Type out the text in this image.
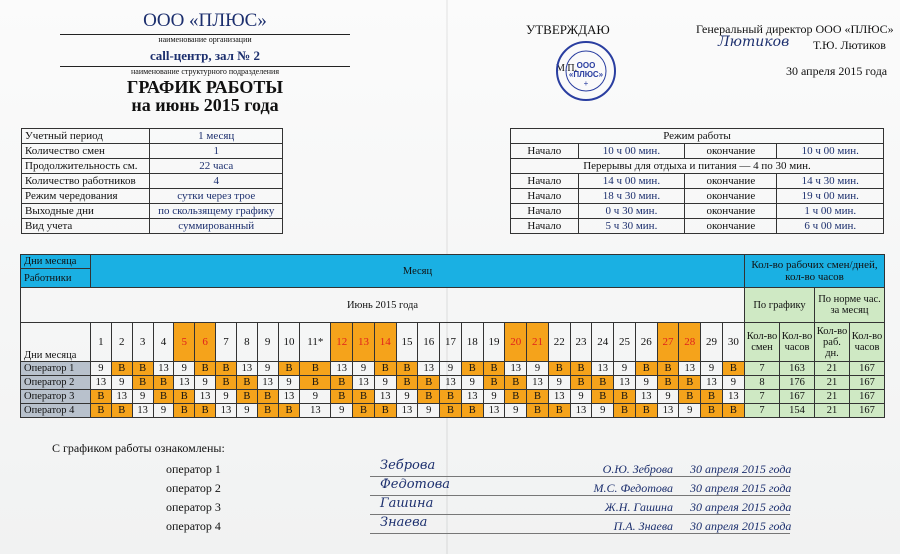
ООО «ПЛЮС»
наименование организации
call-центр, зал № 2
наименование структурного подразделения
ГРАФИК РАБОТЫ
на июнь 2015 года
УТВЕРЖДАЮ	Генеральный директор ООО «ПЛЮС»
Лютиков Т.Ю. Лютиков
М.П.	30 апреля 2015 года
ООО
«ПЛЮС»
+
Учетный период	1 месяц
Количество смен	1
Продолжительность см.	22 часа
Количество работников	4
Режим чередования	сутки через трое
Выходные дни	по скользящему графику
Вид учета	суммированный
Режим работы			
Начало	10 ч 00 мин.	окончание	10 ч 00 мин.
Перерывы для отдыха и питания — 4 по 30 мин.			
Начало	14 ч 00 мин.	окончание	14 ч 30 мин.
Начало	18 ч 30 мин.	окончание	19 ч 00 мин.
Начало	0 ч 30 мин.	окончание	1 ч 00 мин.
Начало	5 ч 30 мин.	окончание	6 ч 00 мин.
Дни месяца	Месяц																														Кол-во рабочих смен/дней, кол-во часов			
Работники																																		
Июнь 2015 года																															По графику		По норме час. за месяц	

Дни месяца	1	2	3	4	5	6	7	8	9	10	11*	12	13	14	15	16	17	18	19	20	21	22	23	24	25	26	27	28	29	30	Кол-во смен	Кол-во часов	Кол-во раб. дн.	Кол-во часов
Оператор 1	9	В	В	13	9	В	В	13	9	В	В	13	9	В	В	13	9	В	В	13	9	В	В	13	9	В	В	13	9	В	7	163	21	167
Оператор 2	13	9	В	В	13	9	В	В	13	9	В	В	13	9	В	В	13	9	В	В	13	9	В	В	13	9	В	В	13	9	8	176	21	167
Оператор 3	В	13	9	В	В	13	9	В	В	13	9	В	В	13	9	В	В	13	9	В	В	13	9	В	В	13	9	В	В	13	7	167	21	167
Оператор 4	В	В	13	9	В	В	13	9	В	В	13	9	В	В	13	9	В	В	13	9	В	В	13	9	В	В	13	9	В	В	7	154	21	167
С графиком работы ознакомлены:
оператор 1	Зеброва	О.Ю. Зеброва 30 апреля 2015 года
оператор 2	Федотова	М.С. Федотова 30 апреля 2015 года
оператор 3	Гашина	Ж.Н. Гашина 30 апреля 2015 года
оператор 4	Знаева	П.А. Знаева 30 апреля 2015 года
